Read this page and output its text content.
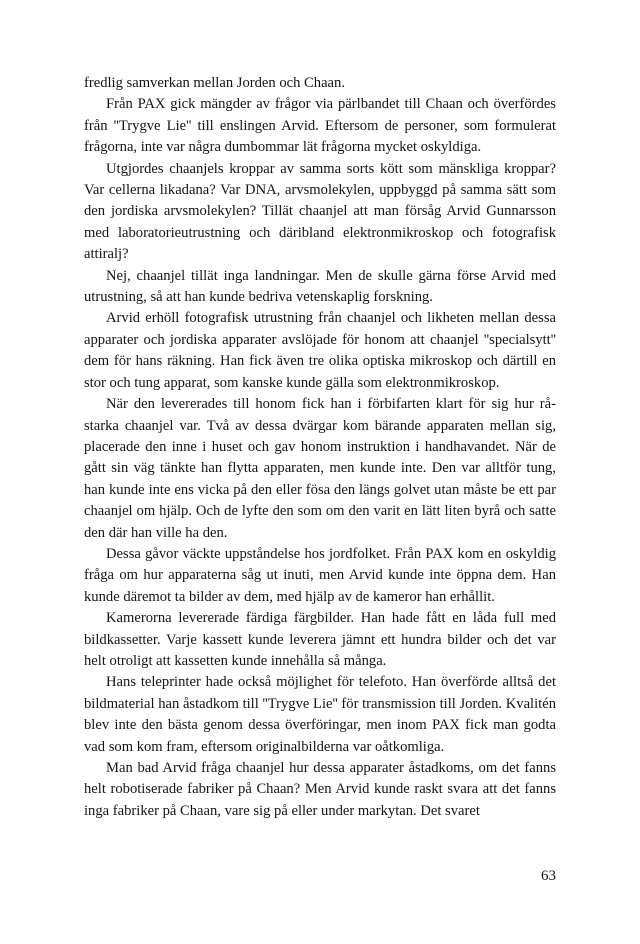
fredlig samverkan mellan Jorden och Chaan.

Från PAX gick mängder av frågor via pärlbandet till Chaan och överfördes från ''Trygve Lie'' till enslingen Arvid. Eftersom de personer, som formulerat frågorna, inte var några dumbommar lät frågorna mycket oskyldiga.

Utgjordes chaanjels kroppar av samma sorts kött som mänskliga kroppar? Var cellerna likadana? Var DNA, arvsmolekylen, uppbyggd på samma sätt som den jordiska arvsmolekylen? Tillät chaanjel att man försåg Arvid Gunnarsson med laboratorieutrustning och däribland elektronmikroskop och fotografisk attiralj?

Nej, chaanjel tillät inga landningar. Men de skulle gärna förse Arvid med utrustning, så att han kunde bedriva vetenskaplig forskning.

Arvid erhöll fotografisk utrustning från chaanjel och likheten mellan dessa apparater och jordiska apparater avslöjade för honom att chaanjel ''specialsytt'' dem för hans räkning. Han fick även tre olika optiska mikroskop och därtill en stor och tung apparat, som kanske kunde gälla som elektronmikroskop.

När den levererades till honom fick han i förbifarten klart för sig hur rå-starka chaanjel var. Två av dessa dvärgar kom bärande apparaten mellan sig, placerade den inne i huset och gav honom instruktion i handhavandet. När de gått sin väg tänkte han flytta apparaten, men kunde inte. Den var alltför tung, han kunde inte ens vicka på den eller fösa den längs golvet utan måste be ett par chaanjel om hjälp. Och de lyfte den som om den varit en lätt liten byrå och satte den där han ville ha den.

Dessa gåvor väckte uppståndelse hos jordfolket. Från PAX kom en oskyldig fråga om hur apparaterna såg ut inuti, men Arvid kunde inte öppna dem. Han kunde däremot ta bilder av dem, med hjälp av de kameror han erhållit.

Kamerorna levererade färdiga färgbilder. Han hade fått en låda full med bildkassetter. Varje kassett kunde leverera jämnt ett hundra bilder och det var helt otroligt att kassetten kunde innehålla så många.

Hans teleprinter hade också möjlighet för telefoto. Han överförde alltså det bildmaterial han åstadkom till ''Trygve Lie'' för transmission till Jorden. Kvalitén blev inte den bästa genom dessa överföringar, men inom PAX fick man godta vad som kom fram, eftersom originalbilderna var oåtkomliga.

Man bad Arvid fråga chaanjel hur dessa apparater åstadkoms, om det fanns helt robotiserade fabriker på Chaan? Men Arvid kunde raskt svara att det fanns inga fabriker på Chaan, vare sig på eller under markytan. Det svaret

63
